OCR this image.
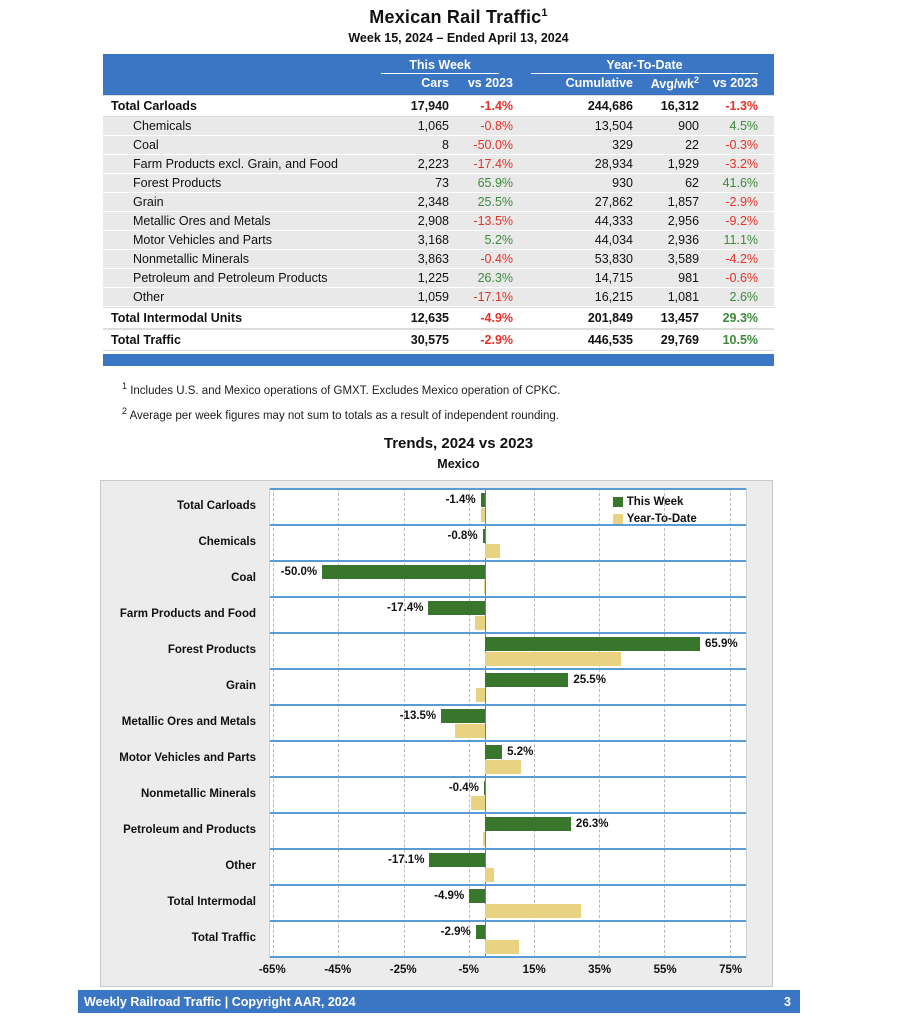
Mexican Rail Traffic$^1$
Week 15, 2024 – Ended April 13, 2024

	This Week		Year-To-Date		

	Cars	vs 2023	Cumulative	Avg/$wk^2$	vs 2023
Total Carloads	17,940	-1.4%	244,686	16,312	-1.3%
Chemicals	1,065	-0.8%	13,504	900	4.5%
Coal	8	-50.0%	329	22	-0.3%
Farm Products excl. Grain, and Food	2,223	-17.4%	28,934	1,929	-3.2%
Forest Products	73	65.9%	930	62	41.6%
Grain	2,348	25.5%	27,862	1,857	-2.9%
Metallic Ores and Metals	2,908	-13.5%	44,333	2,956	-9.2%
Motor Vehicles and Parts	3,168	5.2%	44,034	2,936	11.1%
Nonmetallic Minerals	3,863	-0.4%	53,830	3,589	-4.2%
Petroleum and Petroleum Products	1,225	26.3%	14,715	981	-0.6%
Other	1,059	-17.1%	16,215	1,081	2.6%
Total Intermodal Units	12,635	-4.9%	201,849	13,457	29.3%
Total Traffic	30,575	-2.9%	446,535	29,769	10.5%
$^1$ Includes U.S. and Mexico operations of GMXT. Excludes Mexico operation of CPKC.
$^2$ Average per week figures may not sum to totals as a result of independent rounding.
Trends, 2024 vs 2023
Mexico
Total Carloads
Chemicals
Coal
Farm Products and Food
Forest Products
Grain
Metallic Ores and Metals
Motor Vehicles and Parts
Nonmetallic Minerals
Petroleum and Products
Other
Total Intermodal
Total Traffic
This Week
Year-To-Date
-1.4%
-0.8%
-50.0%
-17.4%
65.9%
25.5%
-13.5%
5.2%
-0.4%
26.3%
-17.1%
-4.9%
-2.9%
-65%	-45%	-25%	-5%	15%	35%	55%	75%
Weekly Railroad Traffic | Copyright AAR, 2024	3
